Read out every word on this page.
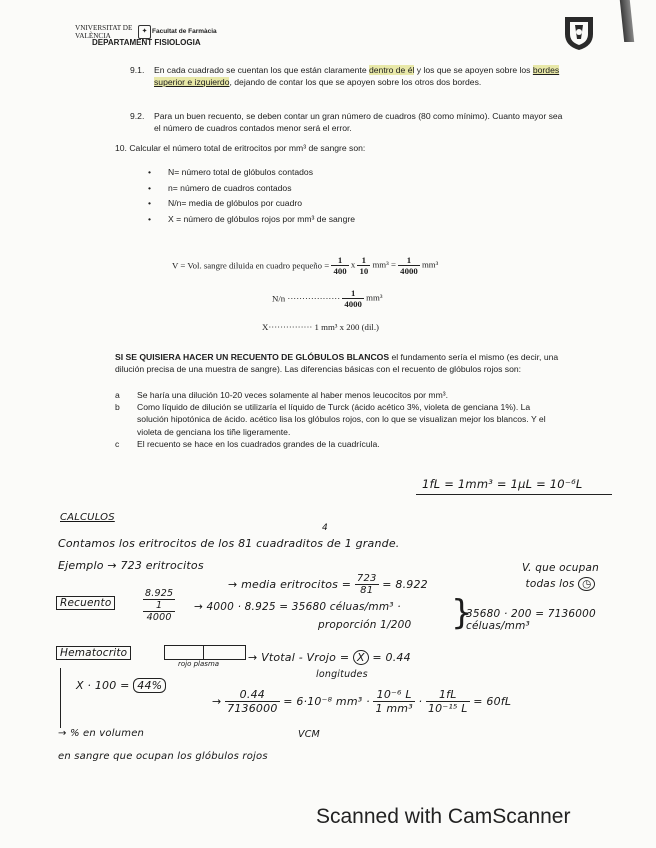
VNIVERSITAT DE VALÈNCIA
✦ Facultat de Farmàcia
DEPARTAMENT FISIOLOGIA
9.1.	En cada cuadrado se cuentan los que están claramente dentro de él y los que se apoyen sobre los bordes superior e izquierdo, dejando de contar los que se apoyen sobre los otros dos bordes.
9.2.	Para un buen recuento, se deben contar un gran número de cuadros (80 como mínimo). Cuanto mayor sea el número de cuadros contados menor será el error.
10. Calcular el número total de eritrocitos por mm³ de sangre son:
• N= número total de glóbulos contados
• n= número de cuadros contados
• N/n= media de glóbulos por cuadro
• X = número de glóbulos rojos por mm³ de sangre
V = Vol. sangre diluida en cuadro pequeño = $\frac{1}{400}$ x $\frac{1}{10} mm^3 = \frac{1}{4000} mm^3$
N/n ·················· $\frac{1}{4000} mm^3$
X··············· 1 mm³ x 200 (dil.)
SI SE QUISIERA HACER UN RECUENTO DE GLÓBULOS BLANCOS el fundamento sería el mismo (es decir, una dilución precisa de una muestra de sangre). Las diferencias básicas con el recuento de glóbulos rojos son:
a Se haría una dilución 10-20 veces solamente al haber menos leucocitos por mm³.
b Como líquido de dilución se utilizaría el líquido de Turck (ácido acético 3%, violeta de genciana 1%). La solución hipotónica de ácido. acético lisa los glóbulos rojos, con lo que se visualizan mejor los blancos. Y el violeta de genciana los tiñe ligeramente.
c El recuento se hace en los cuadrados grandes de la cuadrícula.
1fL = 1mm³ = 1µL = 10⁻⁶L
CALCULOS
4
Contamos los eritrocitos de los 81 cuadraditos de 1 grande.
Ejemplo → 723 eritrocitos
→ media eritrocitos = $\frac{723}{81} = 8.922$
V. que ocupan
todas los ◷
Recuento
8.925
1
4000
→ 4000 · 8.925 = 35680 céluas/mm³ ·
proporción 1/200 }
35680 · 200 = 7136000 céluas/mm³
Hematocrito
rojo plasma	→ Vtotal - Vrojo = X = 0.44
longitudes
X · 100 = 44%
→ $\frac{0.44}{7136000} = 6\cdot 10^{-8}$ $mm^3 \cdot \frac{\text{10⁻⁶ L}}{\text{1 mm³}} \cdot \frac{1fL}{\text{10⁻¹⁵ L}} = 60fL$
VCM
→ % en volumen
en sangre que ocupan los glóbulos rojos
Scanned with CamScanner
